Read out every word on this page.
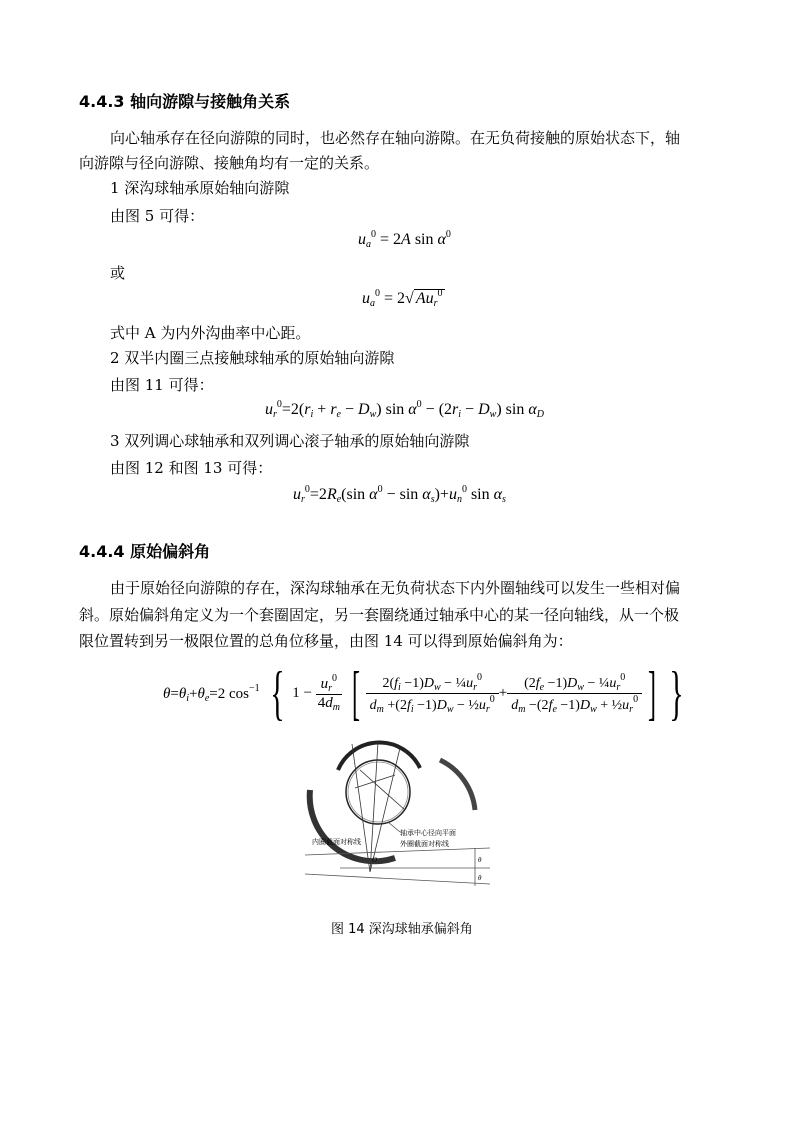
4.4.3 轴向游隙与接触角关系
向心轴承存在径向游隙的同时，也必然存在轴向游隙。在无负荷接触的原始状态下，轴
向游隙与径向游隙、接触角均有一定的关系。
1 深沟球轴承原始轴向游隙
由图 5 可得：
$u_a^0 = 2A$ $\sin \alpha^0$
或
$u_a^0 = 2√$ $Au_r^0$
式中 A 为内外沟曲率中心距。
2 双半内圈三点接触球轴承的原始轴向游隙
由图 11 可得：
$u_r^0=2(r_i + r_e - D_w)$ $\sin \alpha^0 - (2r_i - D_w)$ $\sin \alpha_D$
3 双列调心球轴承和双列调心滚子轴承的原始轴向游隙
由图 12 和图 13 可得：
$u_r^0=2R_e(\sin$ $\alpha^0 - \sin \alpha_s)+u_n^0$ $\sin \alpha_s$
4.4.4 原始偏斜角
由于原始径向游隙的存在，深沟球轴承在无负荷状态下内外圈轴线可以发生一些相对偏
斜。原始偏斜角定义为一个套圈固定，另一套圈绕通过轴承中心的某一径向轴线，从一个极
限位置转到另一极限位置的总角位移量，由图 14 可以得到原始偏斜角为：
$\theta=\theta_i+\theta_e=2$ $\cos^{-1}$ { $1 - \frac{u_r^0}{4d_m}$ [ $\frac{2(f_i -1)D_w - \frac{1}{4}u_r^0}{d_m +(2f_i -1)D_w - \frac{1}{2}u_r^0} + \frac{(2f_e -1)D_w - \frac{1}{4}u_r^0}{d_m -(2f_e -1)D_w + \frac{1}{2}u_r^0}$ ] }
θ
θ
轴承中心径向平面
外圈截面对称线
内圈截面对称线
O
图 14 深沟球轴承偏斜角
